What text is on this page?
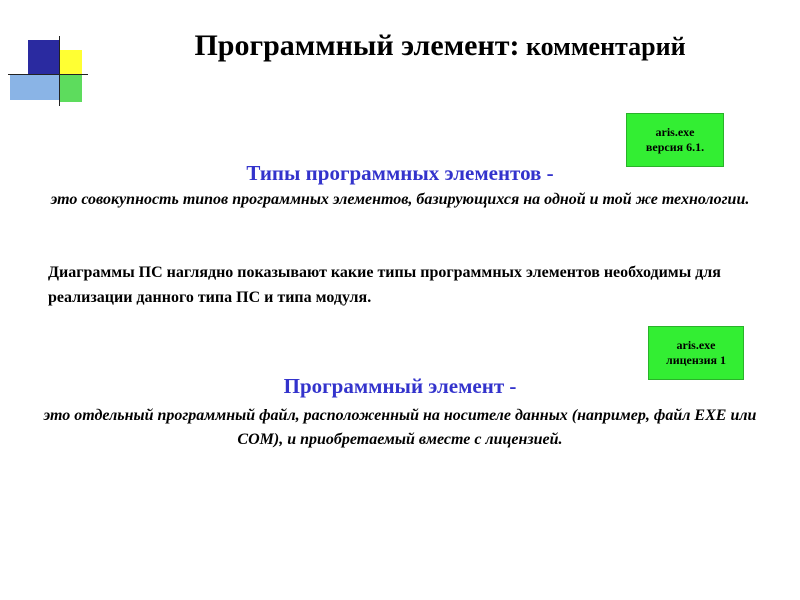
Программный элемент: комментарий
aris.exe
версия 6.1.
Типы программных элементов -
это совокупность типов программных элементов, базирующихся на одной и той же технологии.
Диаграммы ПС наглядно показывают какие типы программных элементов необходимы для реализации данного типа ПС и типа модуля.
aris.exe
лицензия 1
Программный элемент -
это отдельный программный файл, расположенный на носителе данных (например, файл EXE или COM), и приобретаемый вместе с лицензией.
